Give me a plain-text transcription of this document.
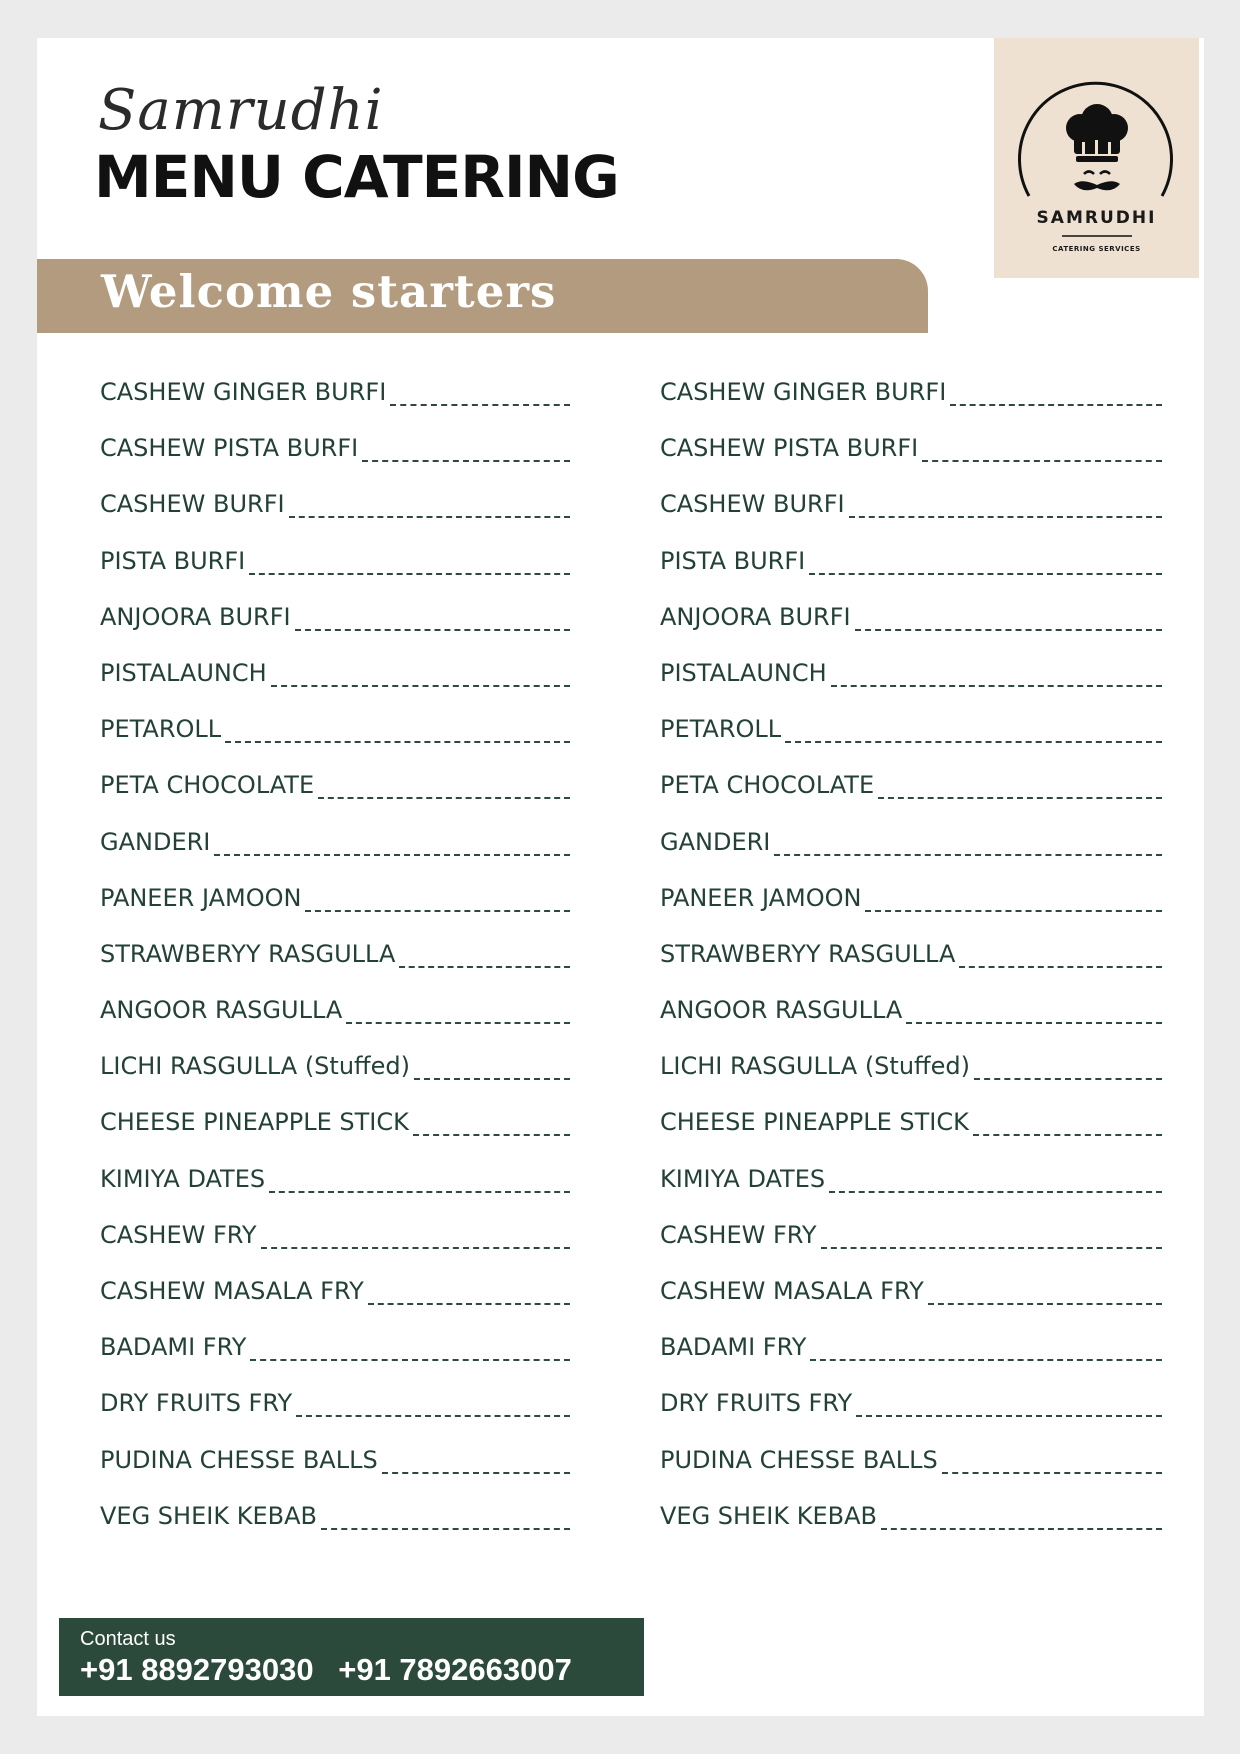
SAMRUDHI
CATERING SERVICES
Samrudhi
MENU CATERING
Welcome starters
CASHEW GINGER BURFI
CASHEW PISTA BURFI
CASHEW BURFI
PISTA BURFI
ANJOORA BURFI
PISTALAUNCH
PETAROLL
PETA CHOCOLATE
GANDERI
PANEER JAMOON
STRAWBERYY RASGULLA
ANGOOR RASGULLA
LICHI RASGULLA (Stuffed)
CHEESE PINEAPPLE STICK
KIMIYA DATES
CASHEW FRY
CASHEW MASALA FRY
BADAMI FRY
DRY FRUITS FRY
PUDINA CHESSE BALLS
VEG SHEIK KEBAB
CASHEW GINGER BURFI
CASHEW PISTA BURFI
CASHEW BURFI
PISTA BURFI
ANJOORA BURFI
PISTALAUNCH
PETAROLL
PETA CHOCOLATE
GANDERI
PANEER JAMOON
STRAWBERYY RASGULLA
ANGOOR RASGULLA
LICHI RASGULLA (Stuffed)
CHEESE PINEAPPLE STICK
KIMIYA DATES
CASHEW FRY
CASHEW MASALA FRY
BADAMI FRY
DRY FRUITS FRY
PUDINA CHESSE BALLS
VEG SHEIK KEBAB
Contact us
+91 8892793030 +91 7892663007
